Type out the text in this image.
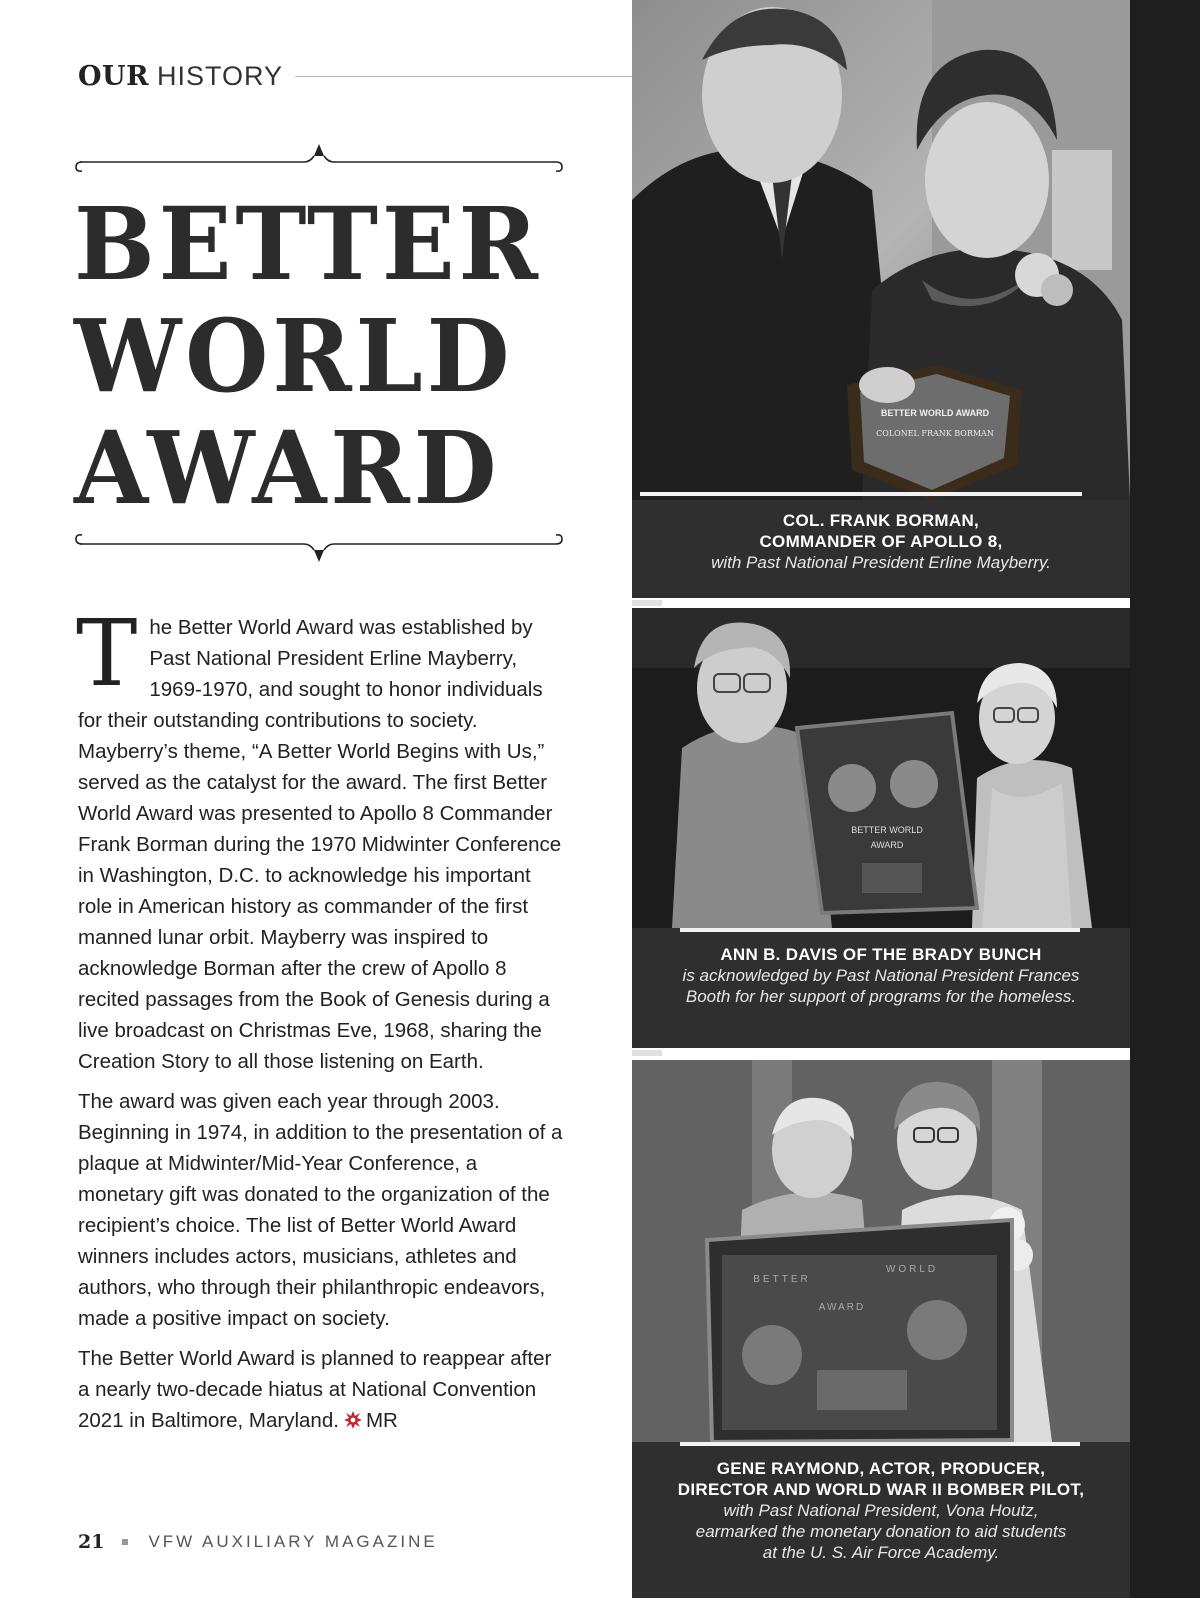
OUR HISTORY
BETTER
WORLD
AWARD

The Better World Award was established by Past National President Erline Mayberry, 1969-1970, and sought to honor individuals for their outstanding contributions to society. Mayberry’s theme, “A Better World Begins with Us,” served as the catalyst for the award. The first Better World Award was presented to Apollo 8 Commander Frank Borman during the 1970 Midwinter Conference in Washington, D.C. to acknowledge his important role in American history as commander of the first manned lunar orbit. Mayberry was inspired to acknowledge Borman after the crew of Apollo 8 recited passages from the Book of Genesis during a live broadcast on Christmas Eve, 1968, sharing the Creation Story to all those listening on Earth.

The award was given each year through 2003. Beginning in 1974, in addition to the presentation of a plaque at Midwinter/Mid-Year Conference, a monetary gift was donated to the organization of the recipient’s choice. The list of Better World Award winners includes actors, musicians, athletes and authors, who through their philanthropic endeavors, made a positive impact on society.

The Better World Award is planned to reappear after a nearly two-decade hiatus at National Convention 2021 in Baltimore, Maryland. MR

21	VFW AUXILIARY MAGAZINE
BETTER WORLD AWARD
COLONEL FRANK BORMAN
COL. FRANK BORMAN,
COMMANDER OF APOLLO 8,
with Past National President Erline Mayberry.
BETTER WORLD
AWARD
ANN B. DAVIS OF THE BRADY BUNCH
is acknowledged by Past National President Frances
Booth for her support of programs for the homeless.
BETTER
WORLD
AWARD
GENE RAYMOND, ACTOR, PRODUCER,
DIRECTOR AND WORLD WAR II BOMBER PILOT,
with Past National President, Vona Houtz,
earmarked the monetary donation to aid students
at the U. S. Air Force Academy.
